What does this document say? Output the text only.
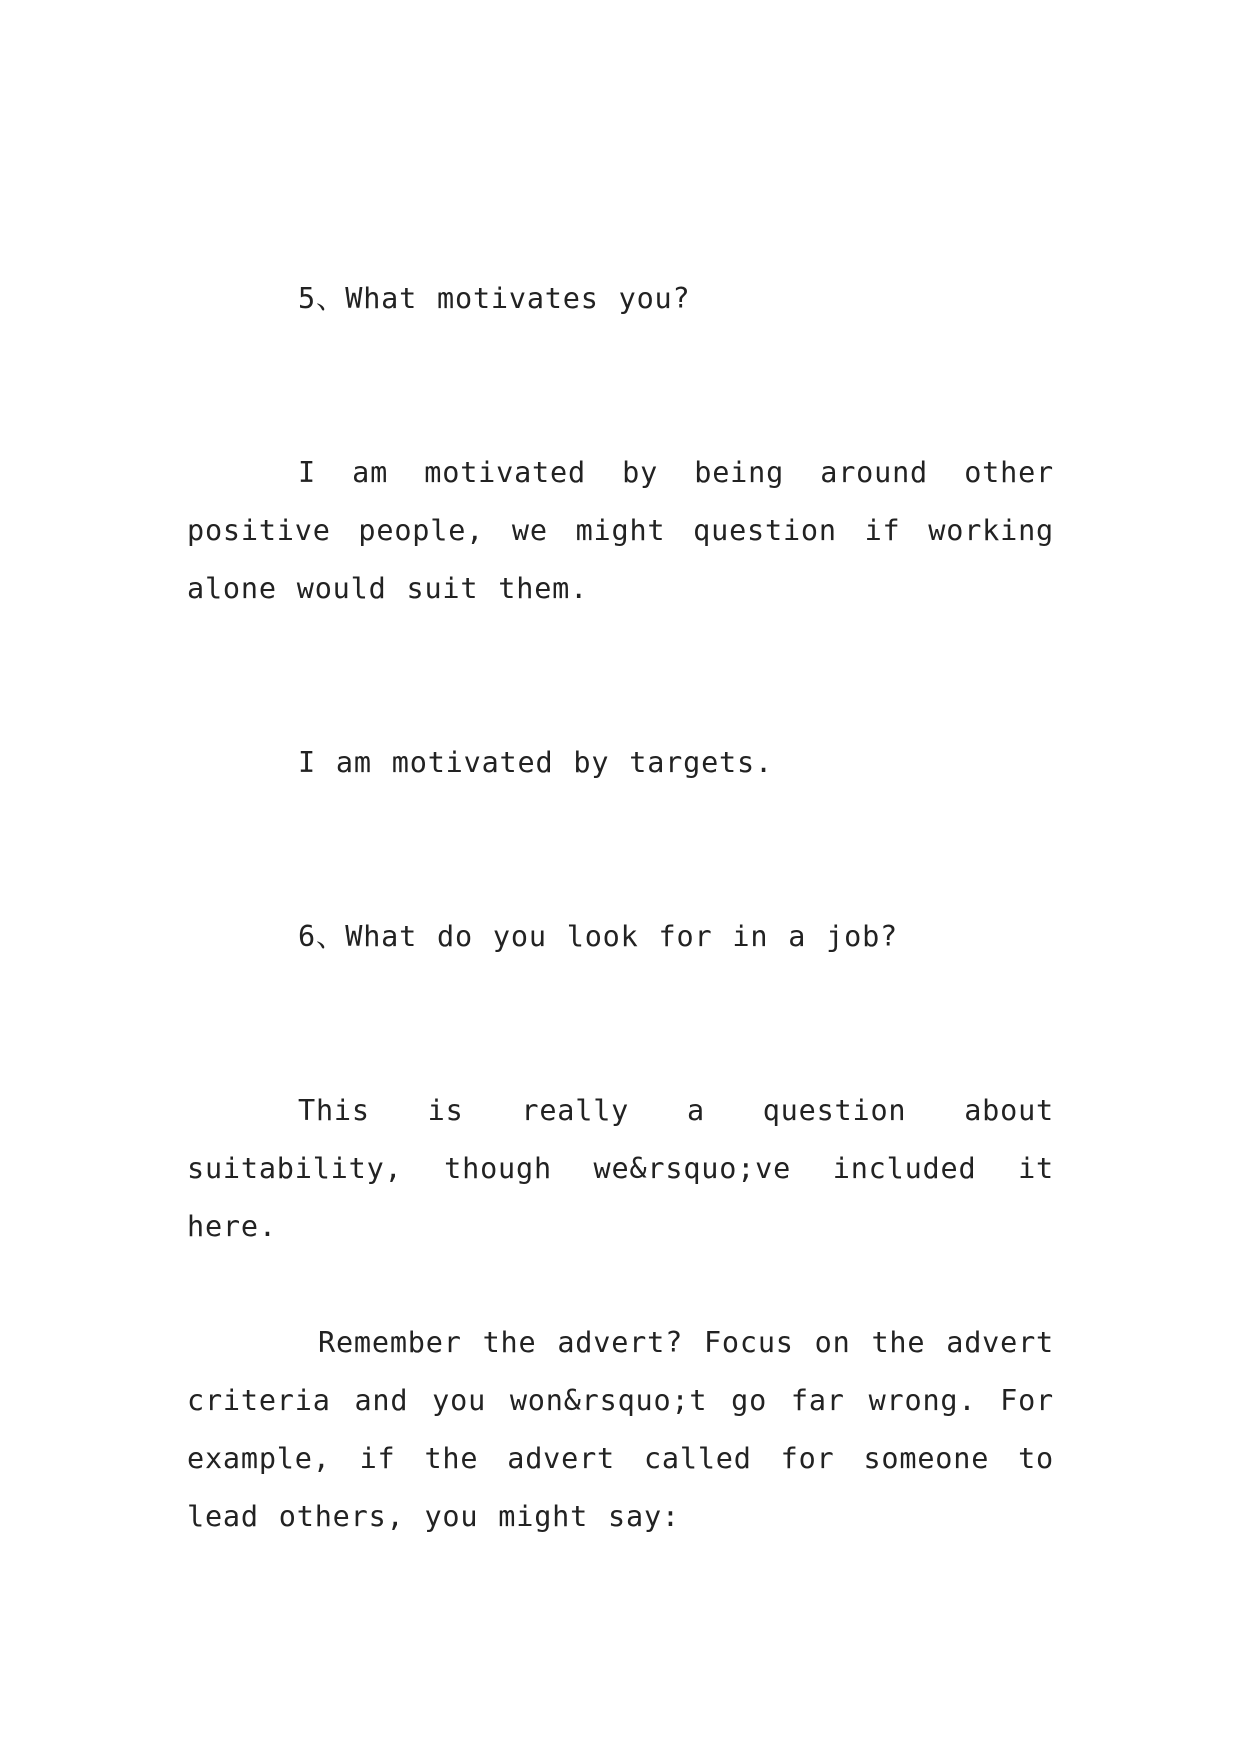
5、What motivates you?

I am motivated by being around other positive people, we might question if working alone would suit them.

I am motivated by targets.

6、What do you look for in a job?

This is really a question about suitability, though we&rsquo;ve included it here.

Remember the advert? Focus on the advert criteria and you won&rsquo;t go far wrong. For example, if the advert called for someone to lead others, you might say:
